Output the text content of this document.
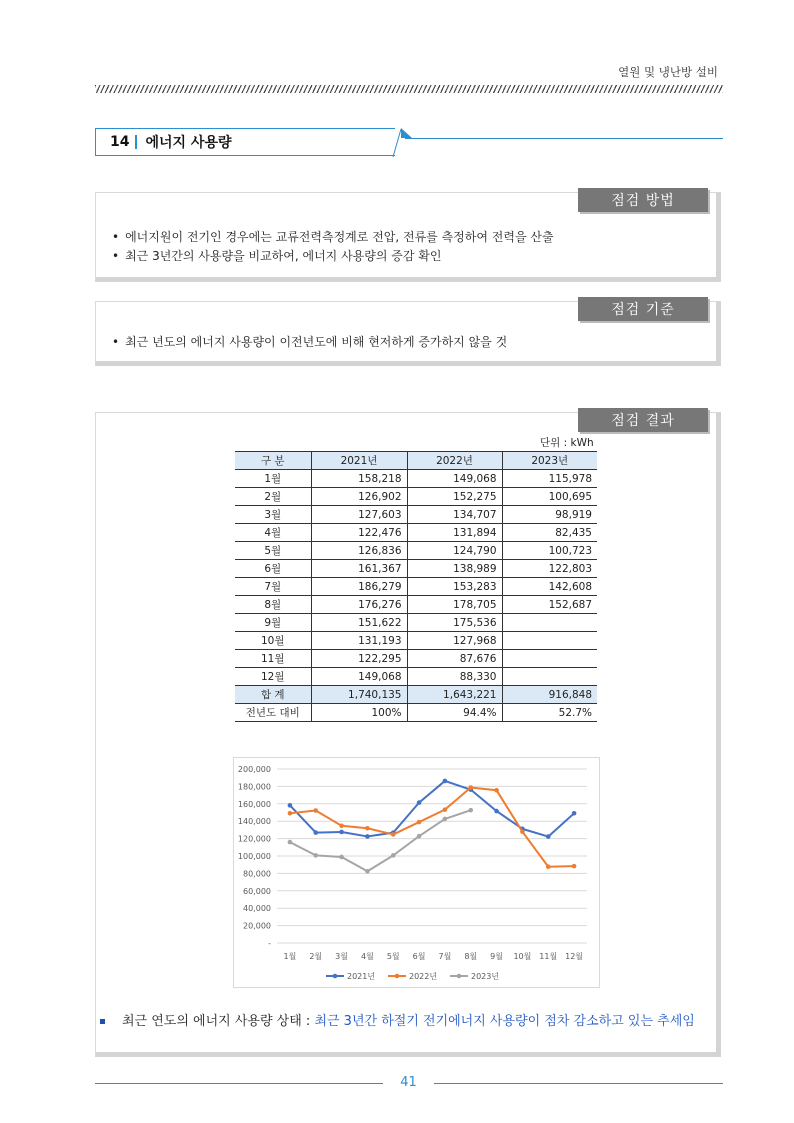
열원 및 냉난방 설비
14 에너지 사용량
점검 방법
• 에너지원이 전기인 경우에는 교류전력측정계로 전압, 전류를 측정하여 전력을 산출
• 최근 3년간의 사용량을 비교하여, 에너지 사용량의 증감 확인
점검 기준
• 최근 년도의 에너지 사용량이 이전년도에 비해 현저하게 증가하지 않을 것
점검 결과
단위 : kWh
구 분	2021년	2022년	2023년
1월	158,218	149,068	115,978
2월	126,902	152,275	100,695
3월	127,603	134,707	98,919
4월	122,476	131,894	82,435
5월	126,836	124,790	100,723
6월	161,367	138,989	122,803
7월	186,279	153,283	142,608
8월	176,276	178,705	152,687
9월	151,622	175,536	
10월	131,193	127,968	
11월	122,295	87,676	
12월	149,068	88,330	
합 계	1,740,135	1,643,221	916,848
전년도 대비	100%	94.4%	52.7%
200,000
180,000
160,000
140,000
120,000
100,000
80,000
60,000
40,000
20,000
-
1월 2월 3월 4월 5월 6월 7월 8월 9월 10월 11월 12월
2021년	2022년	2023년
최근 연도의 에너지 사용량 상태 : 최근 3년간 하절기 전기에너지 사용량이 점차 감소하고 있는 추세임
41
